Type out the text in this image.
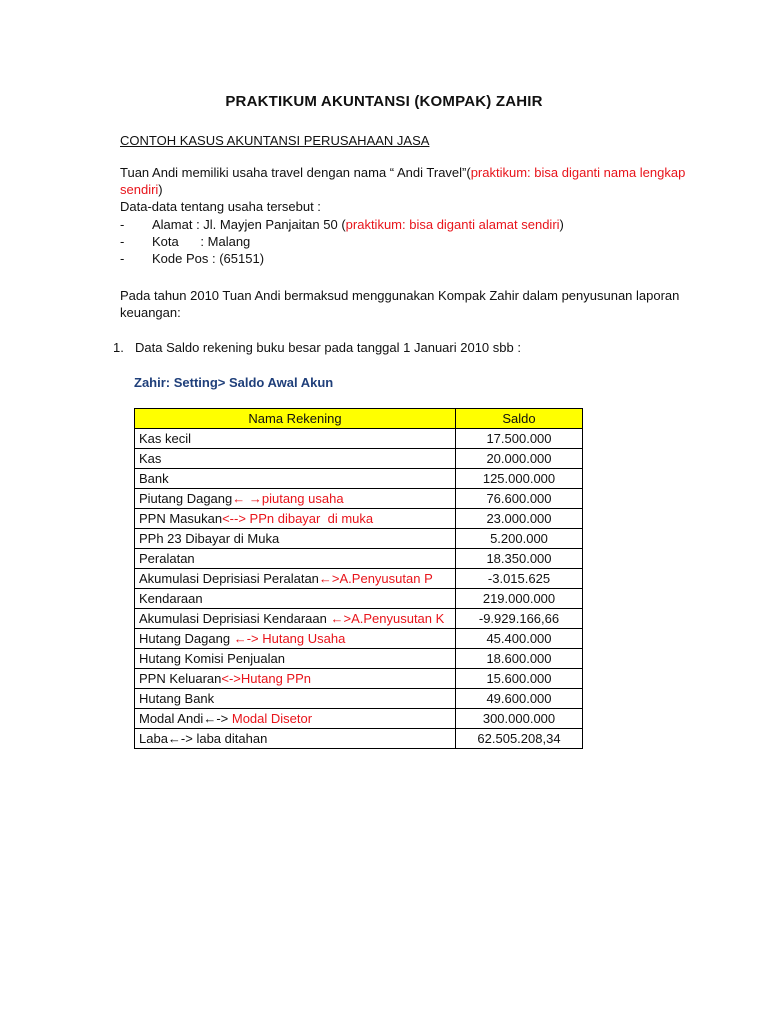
PRAKTIKUM AKUNTANSI (KOMPAK) ZAHIR
CONTOH KASUS AKUNTANSI PERUSAHAAN JASA
Tuan Andi memiliki usaha travel dengan nama “ Andi Travel”(praktikum: bisa diganti nama lengkap
sendiri)
Data-data tentang usaha tersebut :
- Alamat : Jl. Mayjen Panjaitan 50 (praktikum: bisa diganti alamat sendiri)
- Kota      : Malang
- Kode Pos : (65151)
Pada tahun 2010 Tuan Andi bermaksud menggunakan Kompak Zahir dalam penyusunan laporan
keuangan:
1. Data Saldo rekening buku besar pada tanggal 1 Januari 2010 sbb :
Zahir: Setting> Saldo Awal Akun
Nama Rekening	Saldo
Kas kecil	17.500.000
Kas	20.000.000
Bank	125.000.000
Piutang Dagang← →piutang usaha	76.600.000
PPN Masukan<--> PPn dibayar  di muka	23.000.000
PPh 23 Dibayar di Muka	5.200.000
Peralatan	18.350.000
Akumulasi Deprisiasi Peralatan←>A.Penyusutan P	-3.015.625
Kendaraan	219.000.000
Akumulasi Deprisiasi Kendaraan ←>A.Penyusutan K	-9.929.166,66
Hutang Dagang ←-> Hutang Usaha	45.400.000
Hutang Komisi Penjualan	18.600.000
PPN Keluaran<->Hutang PPn	15.600.000
Hutang Bank	49.600.000
Modal Andi←-> Modal Disetor	300.000.000
Laba←-> laba ditahan	62.505.208,34
